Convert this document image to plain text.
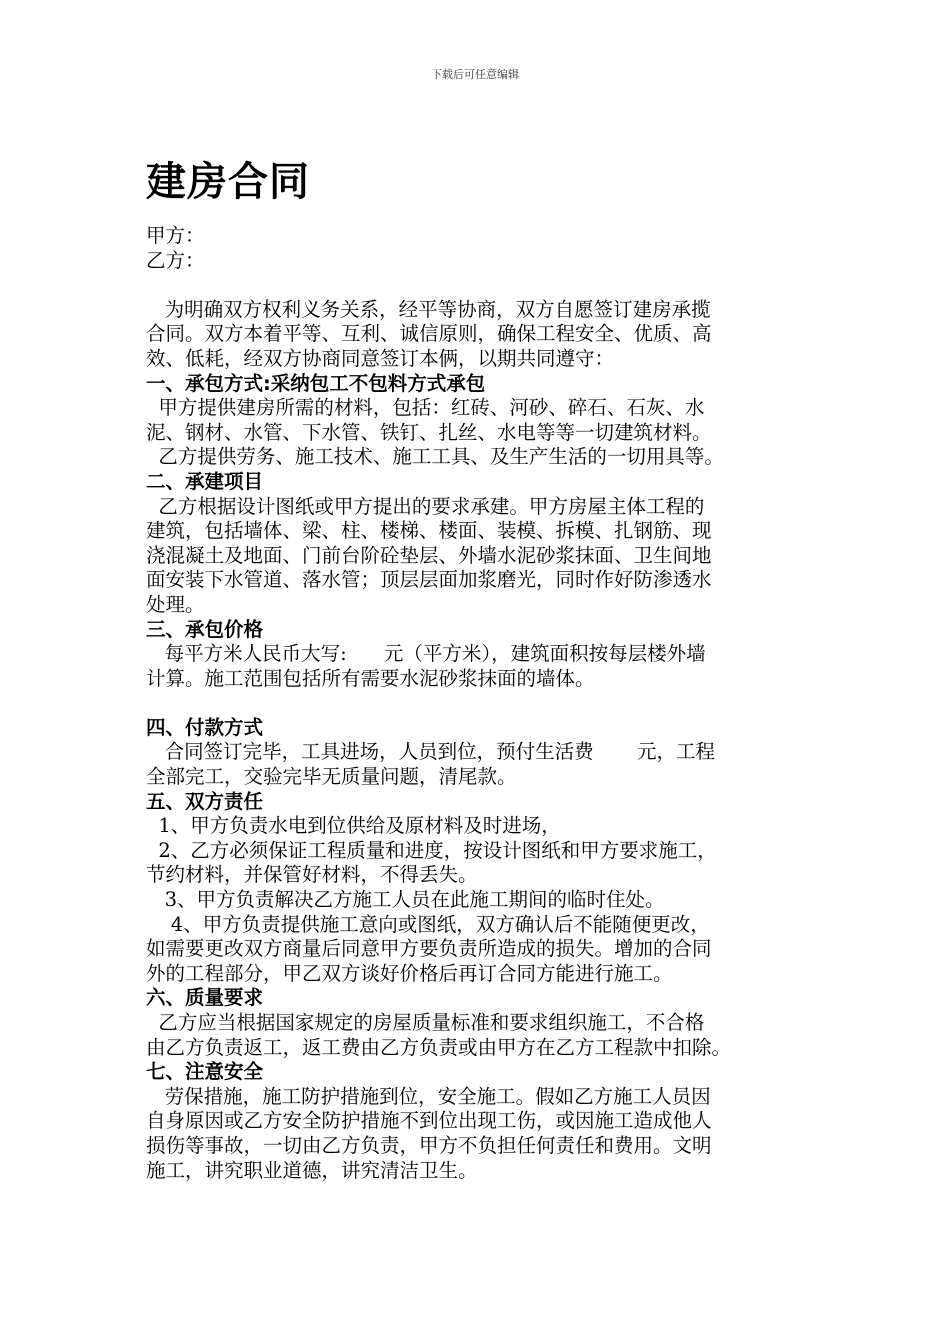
下载后可任意编辑
建房合同
甲方：
乙方：
为明确双方权利义务关系，经平等协商，双方自愿签订建房承揽
合同。双方本着平等、互利、诚信原则，确保工程安全、优质、高
效、低耗，经双方协商同意签订本俩，以期共同遵守：
一、承包方式:采纳包工不包料方式承包
甲方提供建房所需的材料，包括：红砖、河砂、碎石、石灰、水
泥、钢材、水管、下水管、铁钉、扎丝、水电等等一切建筑材料。
乙方提供劳务、施工技术、施工工具、及生产生活的一切用具等。
二、承建项目
乙方根据设计图纸或甲方提出的要求承建。甲方房屋主体工程的
建筑，包括墙体、梁、柱、楼梯、楼面、装模、拆模、扎钢筋、现
浇混凝土及地面、门前台阶砼垫层、外墙水泥砂浆抹面、卫生间地
面安装下水管道、落水管；顶层层面加浆磨光，同时作好防渗透水
处理。
三、承包价格
每平方米人民币大写:      元（平方米），建筑面积按每层楼外墙
计算。施工范围包括所有需要水泥砂浆抹面的墙体。
四、付款方式
合同签订完毕，工具进场，人员到位，预付生活费       元，工程
全部完工，交验完毕无质量问题，清尾款。
五、双方责任
1、甲方负责水电到位供给及原材料及时进场，
2、乙方必须保证工程质量和进度，按设计图纸和甲方要求施工，
节约材料，并保管好材料，不得丢失。
3、甲方负责解决乙方施工人员在此施工期间的临时住处。
4、甲方负责提供施工意向或图纸，双方确认后不能随便更改，
如需要更改双方商量后同意甲方要负责所造成的损失。增加的合同
外的工程部分，甲乙双方谈好价格后再订合同方能进行施工。
六、质量要求
乙方应当根据国家规定的房屋质量标准和要求组织施工，不合格
由乙方负责返工，返工费由乙方负责或由甲方在乙方工程款中扣除。
七、注意安全
劳保措施，施工防护措施到位，安全施工。假如乙方施工人员因
自身原因或乙方安全防护措施不到位出现工伤，或因施工造成他人
损伤等事故，一切由乙方负责，甲方不负担任何责任和费用。文明
施工，讲究职业道德，讲究清洁卫生。
